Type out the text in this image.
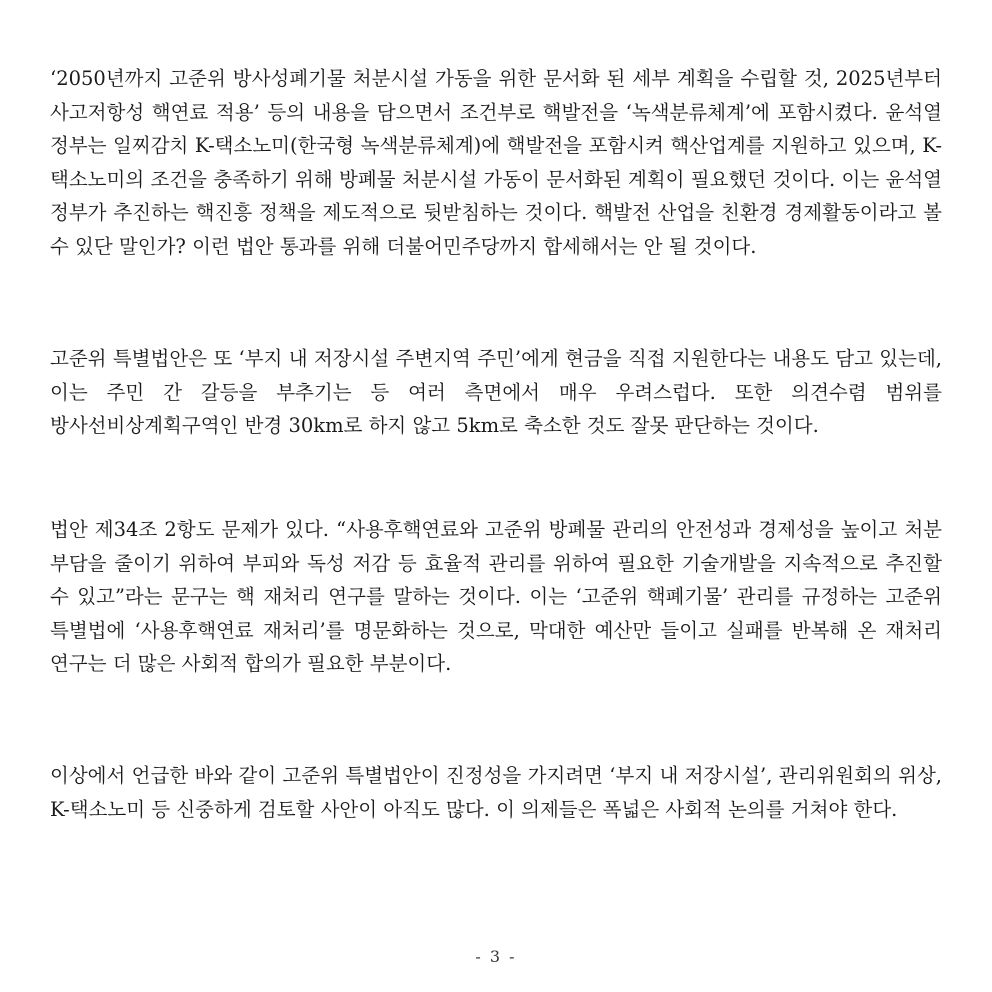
‘2050년까지 고준위 방사성폐기물 처분시설 가동을 위한 문서화 된 세부 계획을 수립할 것, 2025년부터 사고저항성 핵연료 적용’ 등의 내용을 담으면서 조건부로 핵발전을 ‘녹색분류체계’에 포함시켰다. 윤석열 정부는 일찌감치 K-택소노미(한국형 녹색분류체계)에 핵발전을 포함시켜 핵산업계를 지원하고 있으며, K-택소노미의 조건을 충족하기 위해 방폐물 처분시설 가동이 문서화된 계획이 필요했던 것이다. 이는 윤석열 정부가 추진하는 핵진흥 정책을 제도적으로 뒷받침하는 것이다. 핵발전 산업을 친환경 경제활동이라고 볼 수 있단 말인가? 이런 법안 통과를 위해 더불어민주당까지 합세해서는 안 될 것이다.

고준위 특별법안은 또 ‘부지 내 저장시설 주변지역 주민’에게 현금을 직접 지원한다는 내용도 담고 있는데, 이는 주민 간 갈등을 부추기는 등 여러 측면에서 매우 우려스럽다. 또한 의견수렴 범위를 방사선비상계획구역인 반경 30km로 하지 않고 5km로 축소한 것도 잘못 판단하는 것이다.

법안 제34조 2항도 문제가 있다. “사용후핵연료와 고준위 방폐물 관리의 안전성과 경제성을 높이고 처분 부담을 줄이기 위하여 부피와 독성 저감 등 효율적 관리를 위하여 필요한 기술개발을 지속적으로 추진할 수 있고”라는 문구는 핵 재처리 연구를 말하는 것이다. 이는 ‘고준위 핵폐기물’ 관리를 규정하는 고준위 특별법에 ‘사용후핵연료 재처리’를 명문화하는 것으로, 막대한 예산만 들이고 실패를 반복해 온 재처리 연구는 더 많은 사회적 합의가 필요한 부분이다.

이상에서 언급한 바와 같이 고준위 특별법안이 진정성을 가지려면 ‘부지 내 저장시설’, 관리위원회의 위상, K-택소노미 등 신중하게 검토할 사안이 아직도 많다. 이 의제들은 폭넓은 사회적 논의를 거쳐야 한다.

- 3 -
